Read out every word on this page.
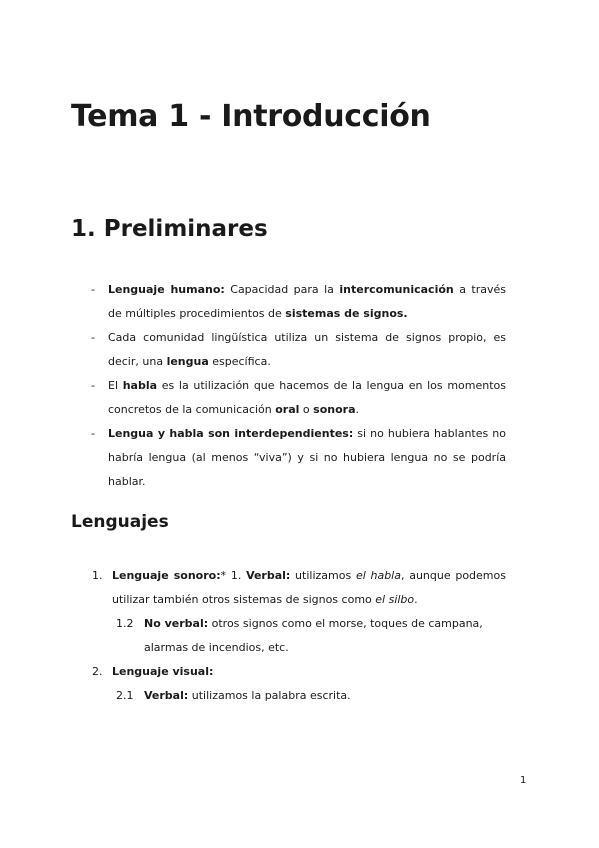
Tema 1 - Introducción
1. Preliminares
- Lenguaje humano: Capacidad para la intercomunicación a través de múltiples procedimientos de sistemas de signos.
- Cada comunidad lingüística utiliza un sistema de signos propio, es decir, una lengua específica.
- El habla es la utilización que hacemos de la lengua en los momentos concretos de la comunicación oral o sonora.
- Lengua y habla son interdependientes: si no hubiera hablantes no habría lengua (al menos “viva”) y si no hubiera lengua no se podría hablar.
Lenguajes
1. Lenguaje sonoro:* 1. Verbal: utilizamos el habla, aunque podemos utilizar también otros sistemas de signos como el silbo.
1.2 No verbal: otros signos como el morse, toques de campana, alarmas de incendios, etc.
2. Lenguaje visual:
2.1 Verbal: utilizamos la palabra escrita.
1
